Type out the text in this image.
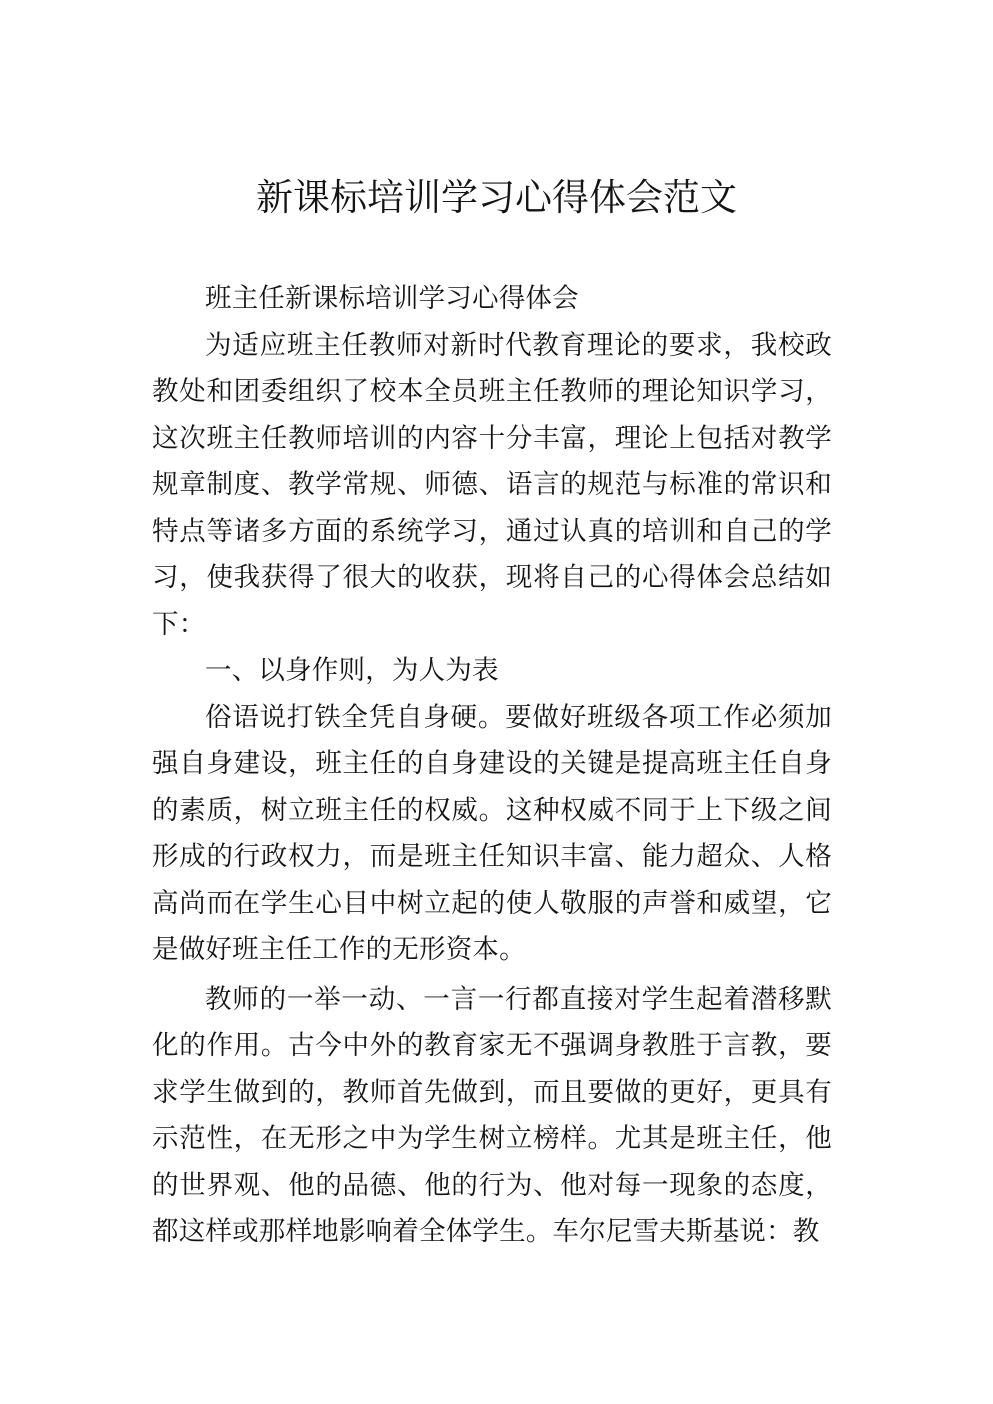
新课标培训学习心得体会范文

班主任新课标培训学习心得体会

为适应班主任教师对新时代教育理论的要求，我校政教处和团委组织了校本全员班主任教师的理论知识学习，这次班主任教师培训的内容十分丰富，理论上包括对教学规章制度、教学常规、师德、语言的规范与标准的常识和特点等诸多方面的系统学习，通过认真的培训和自己的学习，使我获得了很大的收获，现将自己的心得体会总结如下：

一、以身作则，为人为表

俗语说打铁全凭自身硬。要做好班级各项工作必须加强自身建设，班主任的自身建设的关键是提高班主任自身的素质，树立班主任的权威。这种权威不同于上下级之间形成的行政权力，而是班主任知识丰富、能力超众、人格高尚而在学生心目中树立起的使人敬服的声誉和威望，它是做好班主任工作的无形资本。

教师的一举一动、一言一行都直接对学生起着潜移默化的作用。古今中外的教育家无不强调身教胜于言教，要求学生做到的，教师首先做到，而且要做的更好，更具有示范性，在无形之中为学生树立榜样。尤其是班主任，他的世界观、他的品德、他的行为、他对每一现象的态度，都这样或那样地影响着全体学生。车尔尼雪夫斯基说：教
